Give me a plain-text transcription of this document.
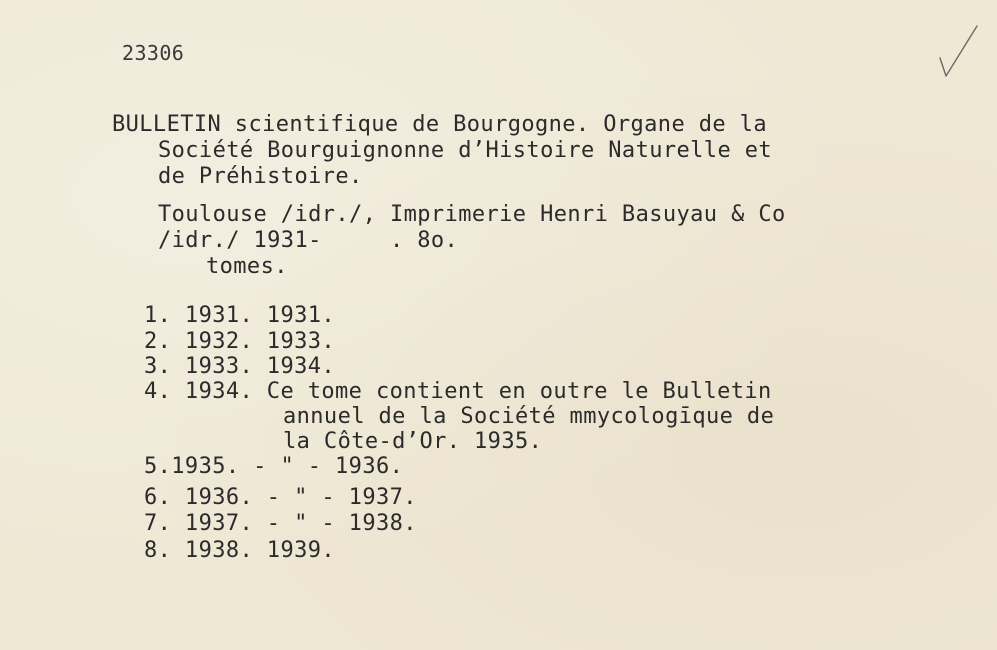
23306
BULLETIN scientifique de Bourgogne. Organe de la
Société Bourguignonne d’Histoire Naturelle et
de Préhistoire.
Toulouse /idr./, Imprimerie Henri Basuyau & Co
/idr./ 1931-     . 8o.
tomes.
1. 1931. 1931.
2. 1932. 1933.
3. 1933. 1934.
4. 1934. Ce tome contient en outre le Bulletin
annuel de la Société mmycologīque de
la Côte-d’Or. 1935.
5.1935. - " - 1936.
6. 1936. - " - 1937.
7. 1937. - " - 1938.
8. 1938. 1939.
